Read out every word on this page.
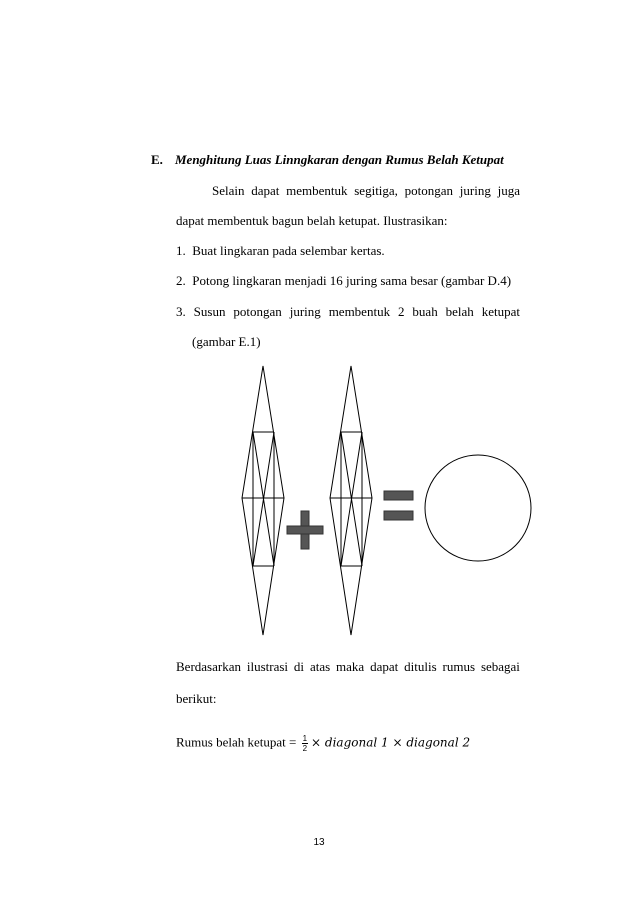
E. Menghitung Luas Linngkaran dengan Rumus Belah Ketupat
Selain dapat membentuk segitiga, potongan juring juga
dapat membentuk bagun belah ketupat. Ilustrasikan:
1.  Buat lingkaran pada selembar kertas.
2.  Potong lingkaran menjadi 16 juring sama besar (gambar D.4)
3. Susun potongan juring membentuk 2 buah belah ketupat
(gambar E.1)
Berdasarkan ilustrasi di atas maka dapat ditulis rumus sebagai
berikut:
Rumus belah ketupat = $\frac{1}{2}$ × diagonal 1 × diagonal 2
13
